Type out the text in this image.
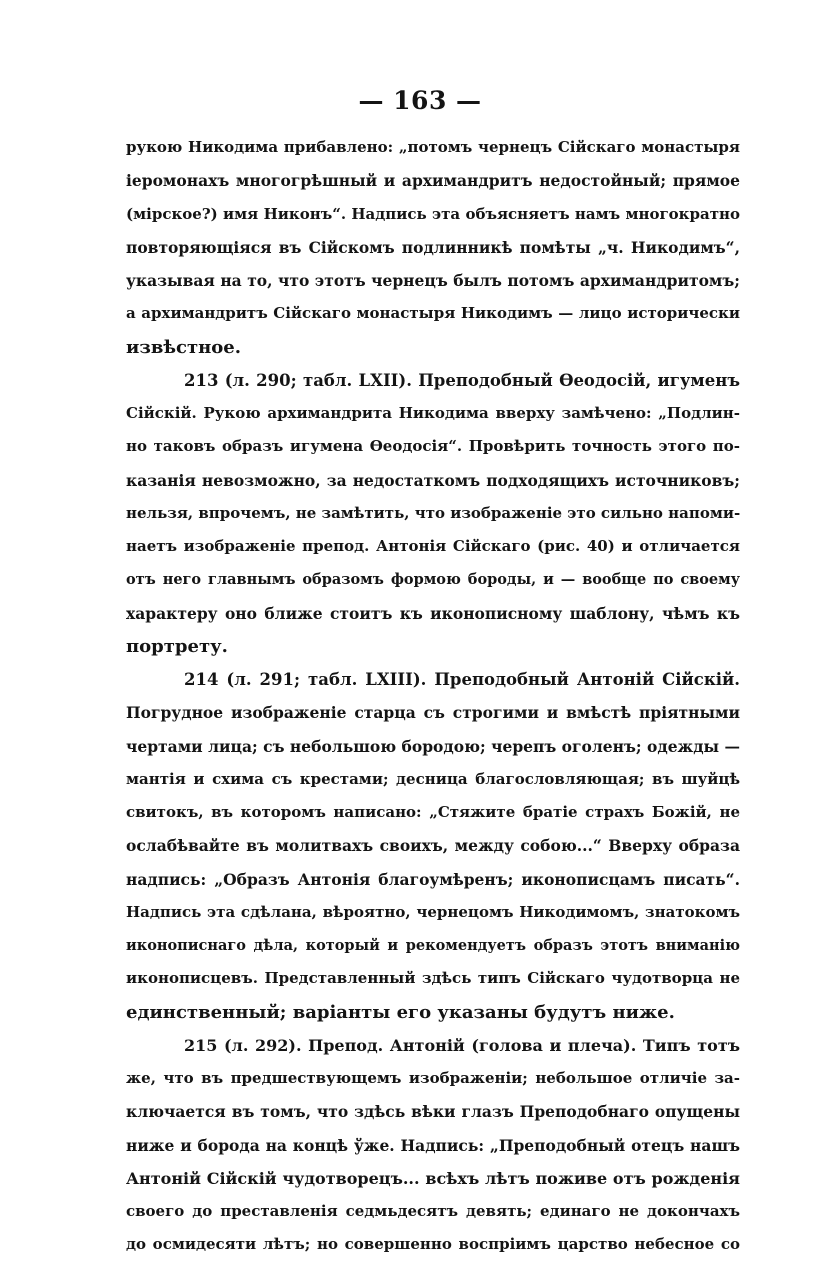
— 163 —
рукою Никодима прибавлено: „потомъ чернецъ Сійскаго монастыря
іеромонахъ многогрѣшный и архимандритъ недостойный; прямое
(мірское?) имя Никонъ“. Надпись эта объясняетъ намъ многократно
повторяющіяся въ Сійскомъ подлинникѣ помѣты „ч. Никодимъ“,
указывая на то, что этотъ чернецъ былъ потомъ архимандритомъ;
а архимандритъ Сійскаго монастыря Никодимъ — лицо исторически
извѣстное.
213 (л. 290; табл. LXII). Преподобный Ѳеодосій, игуменъ
Сійскій. Рукою архимандрита Никодима вверху замѣчено: „Подлин-
но таковъ образъ игумена Ѳеодосія“. Провѣрить точность этого по-
казанія невозможно, за недостаткомъ подходящихъ источниковъ;
нельзя, впрочемъ, не замѣтить, что изображеніе это сильно напоми-
наетъ изображеніе препод. Антонія Сійскаго (рис. 40) и отличается
отъ него главнымъ образомъ формою бороды, и — вообще по своему
характеру оно ближе стоитъ къ иконописному шаблону, чѣмъ къ
портрету.
214 (л. 291; табл. LXIII). Преподобный Антоній Сійскій.
Погрудное изображеніе старца съ строгими и вмѣстѣ пріятными
чертами лица; съ небольшою бородою; черепъ оголенъ; одежды —
мантія и схима съ крестами; десница благословляющая; въ шуйцѣ
свитокъ, въ которомъ написано: „Стяжите братіе страхъ Божій, не
ослабѣвайте въ молитвахъ своихъ, между собою...“ Вверху образа
надпись: „Образъ Антонія благоумѣренъ; иконописцамъ писать“.
Надпись эта сдѣлана, вѣроятно, чернецомъ Никодимомъ, знатокомъ
иконописнаго дѣла, который и рекомендуетъ образъ этотъ вниманію
иконописцевъ. Представленный здѣсь типъ Сійскаго чудотворца не
единственный; варіанты его указаны будутъ ниже.
215 (л. 292). Препод. Антоній (голова и плеча). Типъ тотъ
же, что въ предшествующемъ изображеніи; небольшое отличіе за-
ключается въ томъ, что здѣсь вѣки глазъ Преподобнаго опущены
ниже и борода на концѣ ўже. Надпись: „Преподобный отецъ нашъ
Антоній Сійскій чудотворецъ... всѣхъ лѣтъ поживе отъ рожденія
своего до преставленія седмьдесятъ девять; единаго не докончахъ
до осмидесяти лѣтъ; но совершенно воспріимъ царство небесное со
